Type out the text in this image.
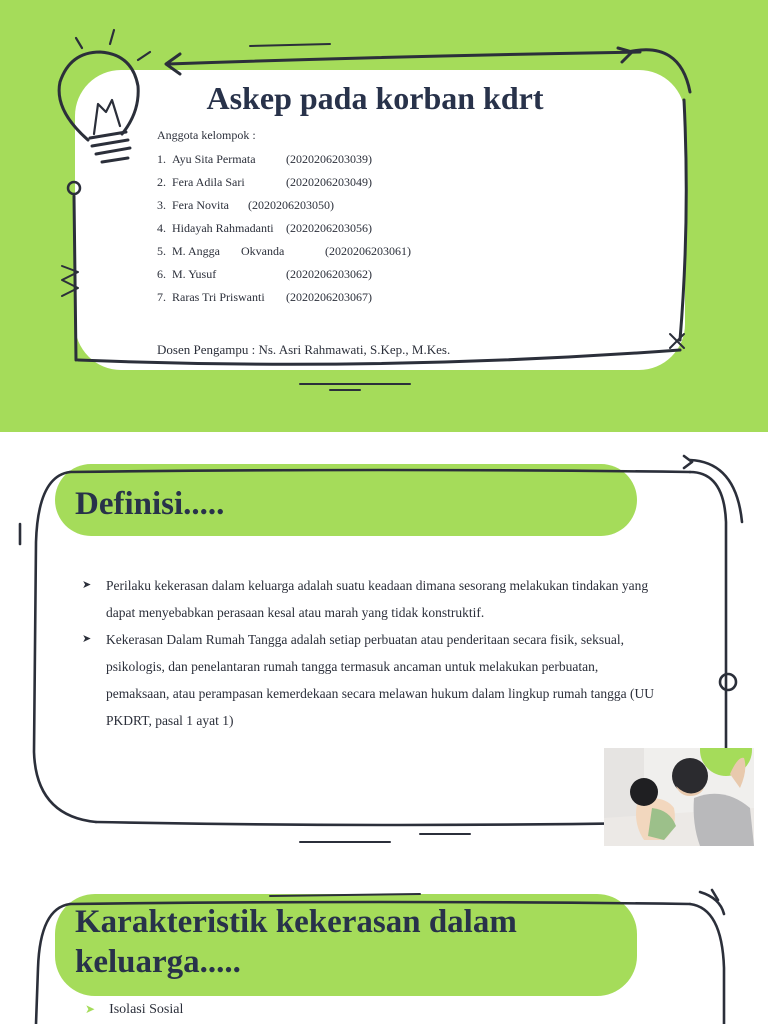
Askep pada korban kdrt
Anggota kelompok :
1. Ayu Sita Permata	(2020206203039)
2. Fera Adila Sari	(2020206203049)
3. Fera Novita (2020206203050)
4. Hidayah Rahmadanti (2020206203056)
5. M. Angga       Okvanda	(2020206203061)
6. M. Yusuf	(2020206203062)
7. Raras Tri Priswanti (2020206203067)
Dosen Pengampu : Ns. Asri Rahmawati, S.Kep., M.Kes.
Definisi.....
➤ Perilaku kekerasan dalam keluarga adalah suatu keadaan dimana sesorang melakukan tindakan yang dapat menyebabkan perasaan kesal atau marah yang tidak konstruktif.
➤ Kekerasan Dalam Rumah Tangga adalah setiap perbuatan atau penderitaan secara fisik, seksual, psikologis, dan penelantaran rumah tangga termasuk ancaman untuk melakukan perbuatan, pemaksaan, atau perampasan kemerdekaan secara melawan hukum dalam lingkup rumah tangga (UU PKDRT, pasal 1 ayat 1)
Karakteristik kekerasan dalam keluarga.....
➤ Isolasi Sosial
